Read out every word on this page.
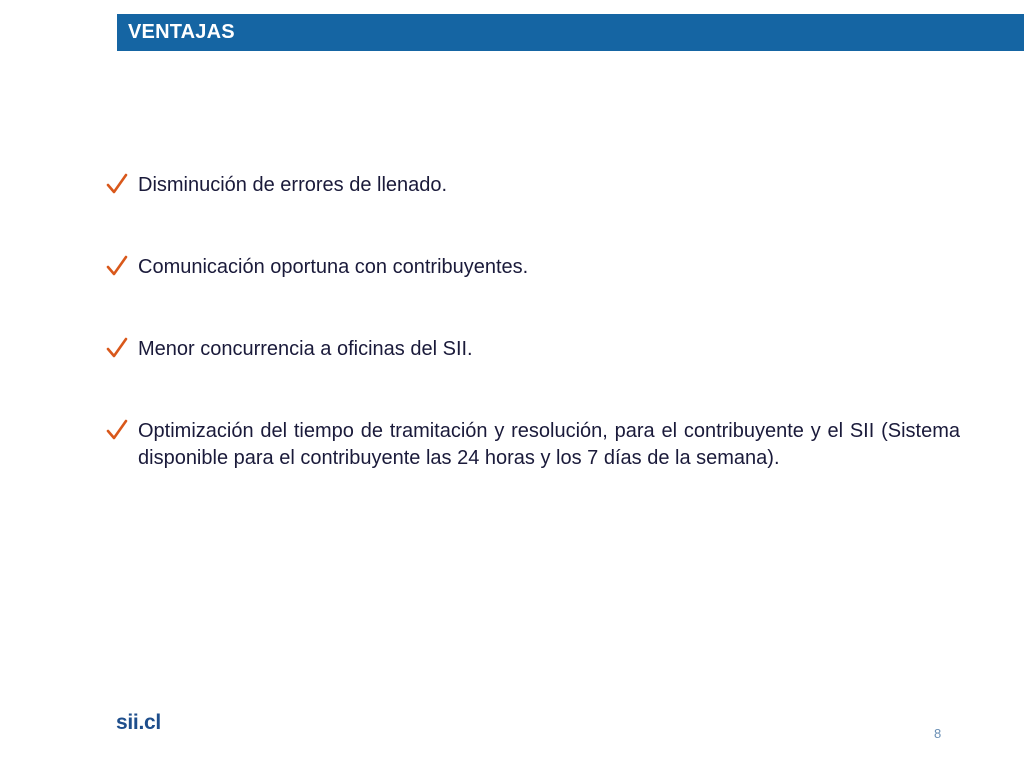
VENTAJAS
Disminución de errores de llenado.
Comunicación oportuna con contribuyentes.
Menor concurrencia a oficinas del SII.
Optimización del tiempo de tramitación y resolución, para el contribuyente y el SII (Sistema disponible para el contribuyente las 24 horas y los 7 días de la semana).
sii.cl	8
